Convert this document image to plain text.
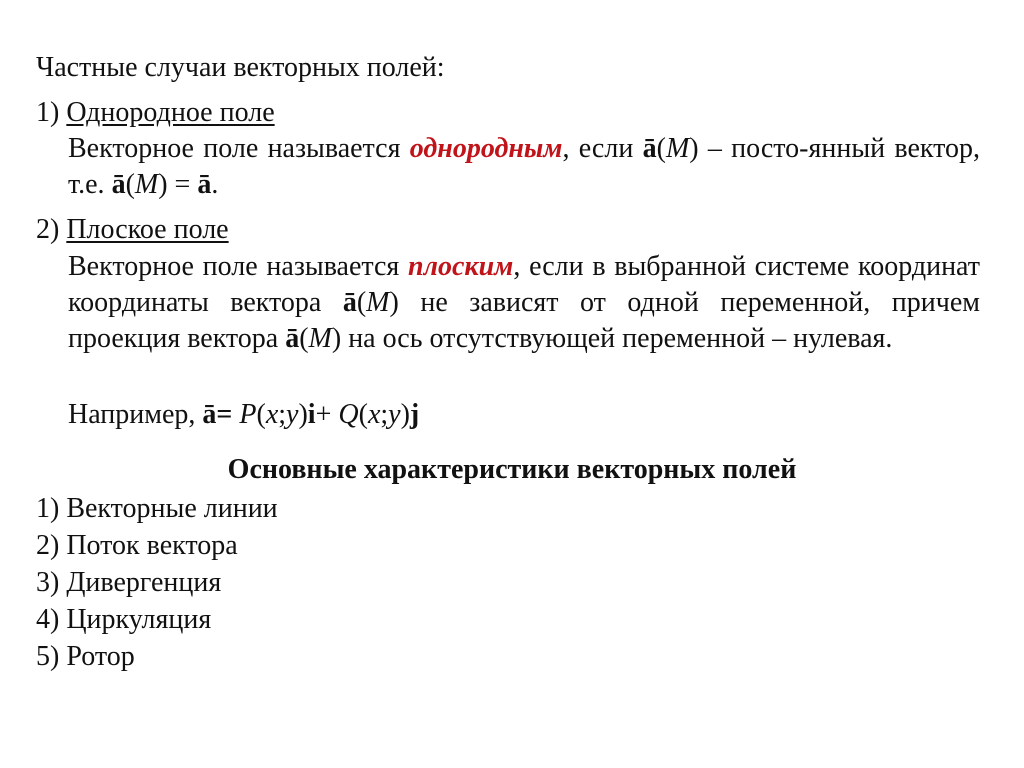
Частные случаи векторных полей:
1) Однородное поле
Векторное поле называется однородным, если ā(M) – посто-янный вектор, т.е. ā(M) = ā.
2) Плоское поле
Векторное поле называется плоским, если в выбранной системе координат координаты вектора ā(M) не зависят от одной переменной, причем проекция вектора ā(M) на ось отсутствующей переменной – нулевая.
Например, ā= P(x;y)i+ Q(x;y)j
Основные характеристики векторных полей
1) Векторные линии
2) Поток вектора
3) Дивергенция
4) Циркуляция
5) Ротор
